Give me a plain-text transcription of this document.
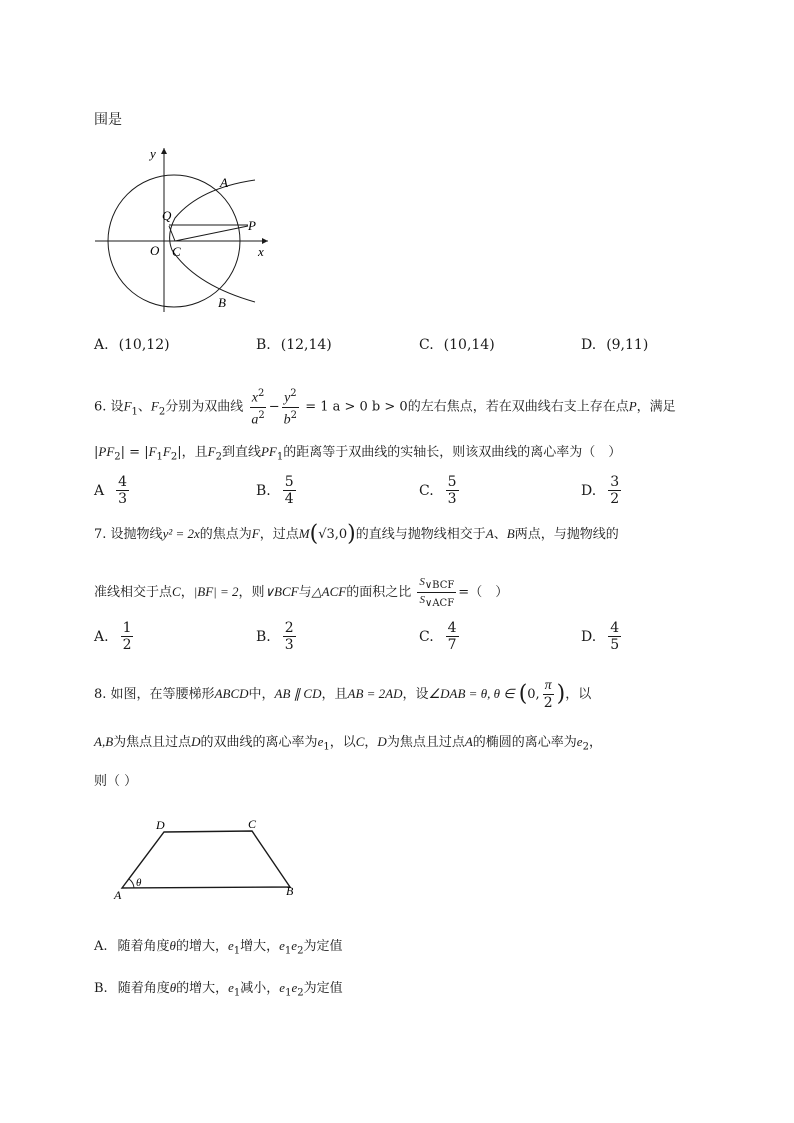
围是
y
x
O C
Q
P
A
B
A. (10,12)	B. (12,14)	C. (10,14)	D. (9,11)
6. 设$F_1$、$F_2$分别为双曲线 $\frac{x^2}{a^2} - \frac{y^2}{b^2} = 1$ a > 0 b > 0的左右焦点，若在双曲线右支上存在点P，满足
$|PF_2| = |F_1F_2|$，且$F_2$到直线$PF_1$的距离等于双曲线的实轴长，则该双曲线的离心率为（　）
A $\frac{4}{3}$	B. $\frac{5}{4}$	C. $\frac{5}{3}$	D. $\frac{3}{2}$
7. 设抛物线y² = 2x的焦点为F，过点M(√3,0)的直线与抛物线相交于A、B两点，与抛物线的
准线相交于点C，|BF| = 2，则∨BCF与△ACF的面积之比 $\frac{S_{\vee BCF}}{S_{\vee ACF}}$ =（　）
A. $\frac{1}{2}$	B. $\frac{2}{3}$	C. $\frac{4}{7}$	D. $\frac{4}{5}$
8. 如图，在等腰梯形ABCD中，AB ∥ CD，且AB = 2AD，设∠DAB = θ, θ ∈ (0, $\frac{\pi}{2}$ )，以
A,B为焦点且过点D的双曲线的离心率为$e_1$，以C，D为焦点且过点A的椭圆的离心率为$e_2$，
则（ ）
A	B
C
D
θ
A. 随着角度θ的增大，$e_1$增大，$e_1e_2$为定值
B. 随着角度θ的增大，$e_1$减小，$e_1e_2$为定值
